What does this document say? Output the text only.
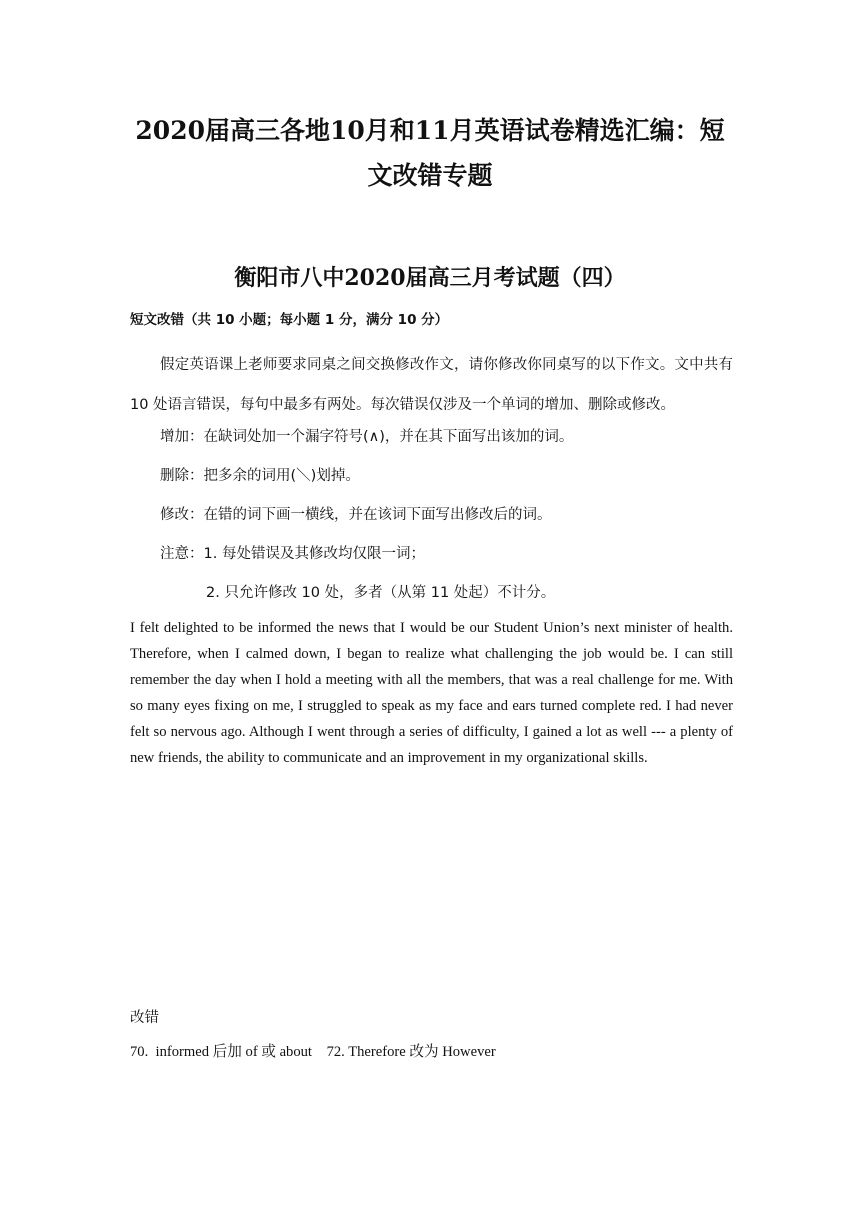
2020届高三各地10月和11月英语试卷精选汇编：短
文改错专题
衡阳市八中2020届高三月考试题（四）

短文改错（共 10 小题；每小题 1 分，满分 10 分）

假定英语课上老师要求同桌之间交换修改作文，请你修改你同桌写的以下作文。文中共有 10 处语言错误，每句中最多有两处。每次错误仅涉及一个单词的增加、删除或修改。

增加：在缺词处加一个漏字符号(∧)，并在其下面写出该加的词。

删除：把多余的词用(＼)划掉。

修改：在错的词下画一横线，并在该词下面写出修改后的词。

注意：1. 每处错误及其修改均仅限一词；

2. 只允许修改 10 处，多者（从第 11 处起）不计分。

I felt delighted to be informed the news that I would be our Student Union’s next minister of health. Therefore, when I calmed down, I began to realize what challenging the job would be. I can still remember the day when I hold a meeting with all the members, that was a real challenge for me. With so many eyes fixing on me, I struggled to speak as my face and ears turned complete red. I had never felt so nervous ago. Although I went through a series of difficulty, I gained a lot as well --- a plenty of new friends, the ability to communicate and an improvement in my organizational skills.

改错

70.  informed 后加 of 或 about    72. Therefore 改为 However
